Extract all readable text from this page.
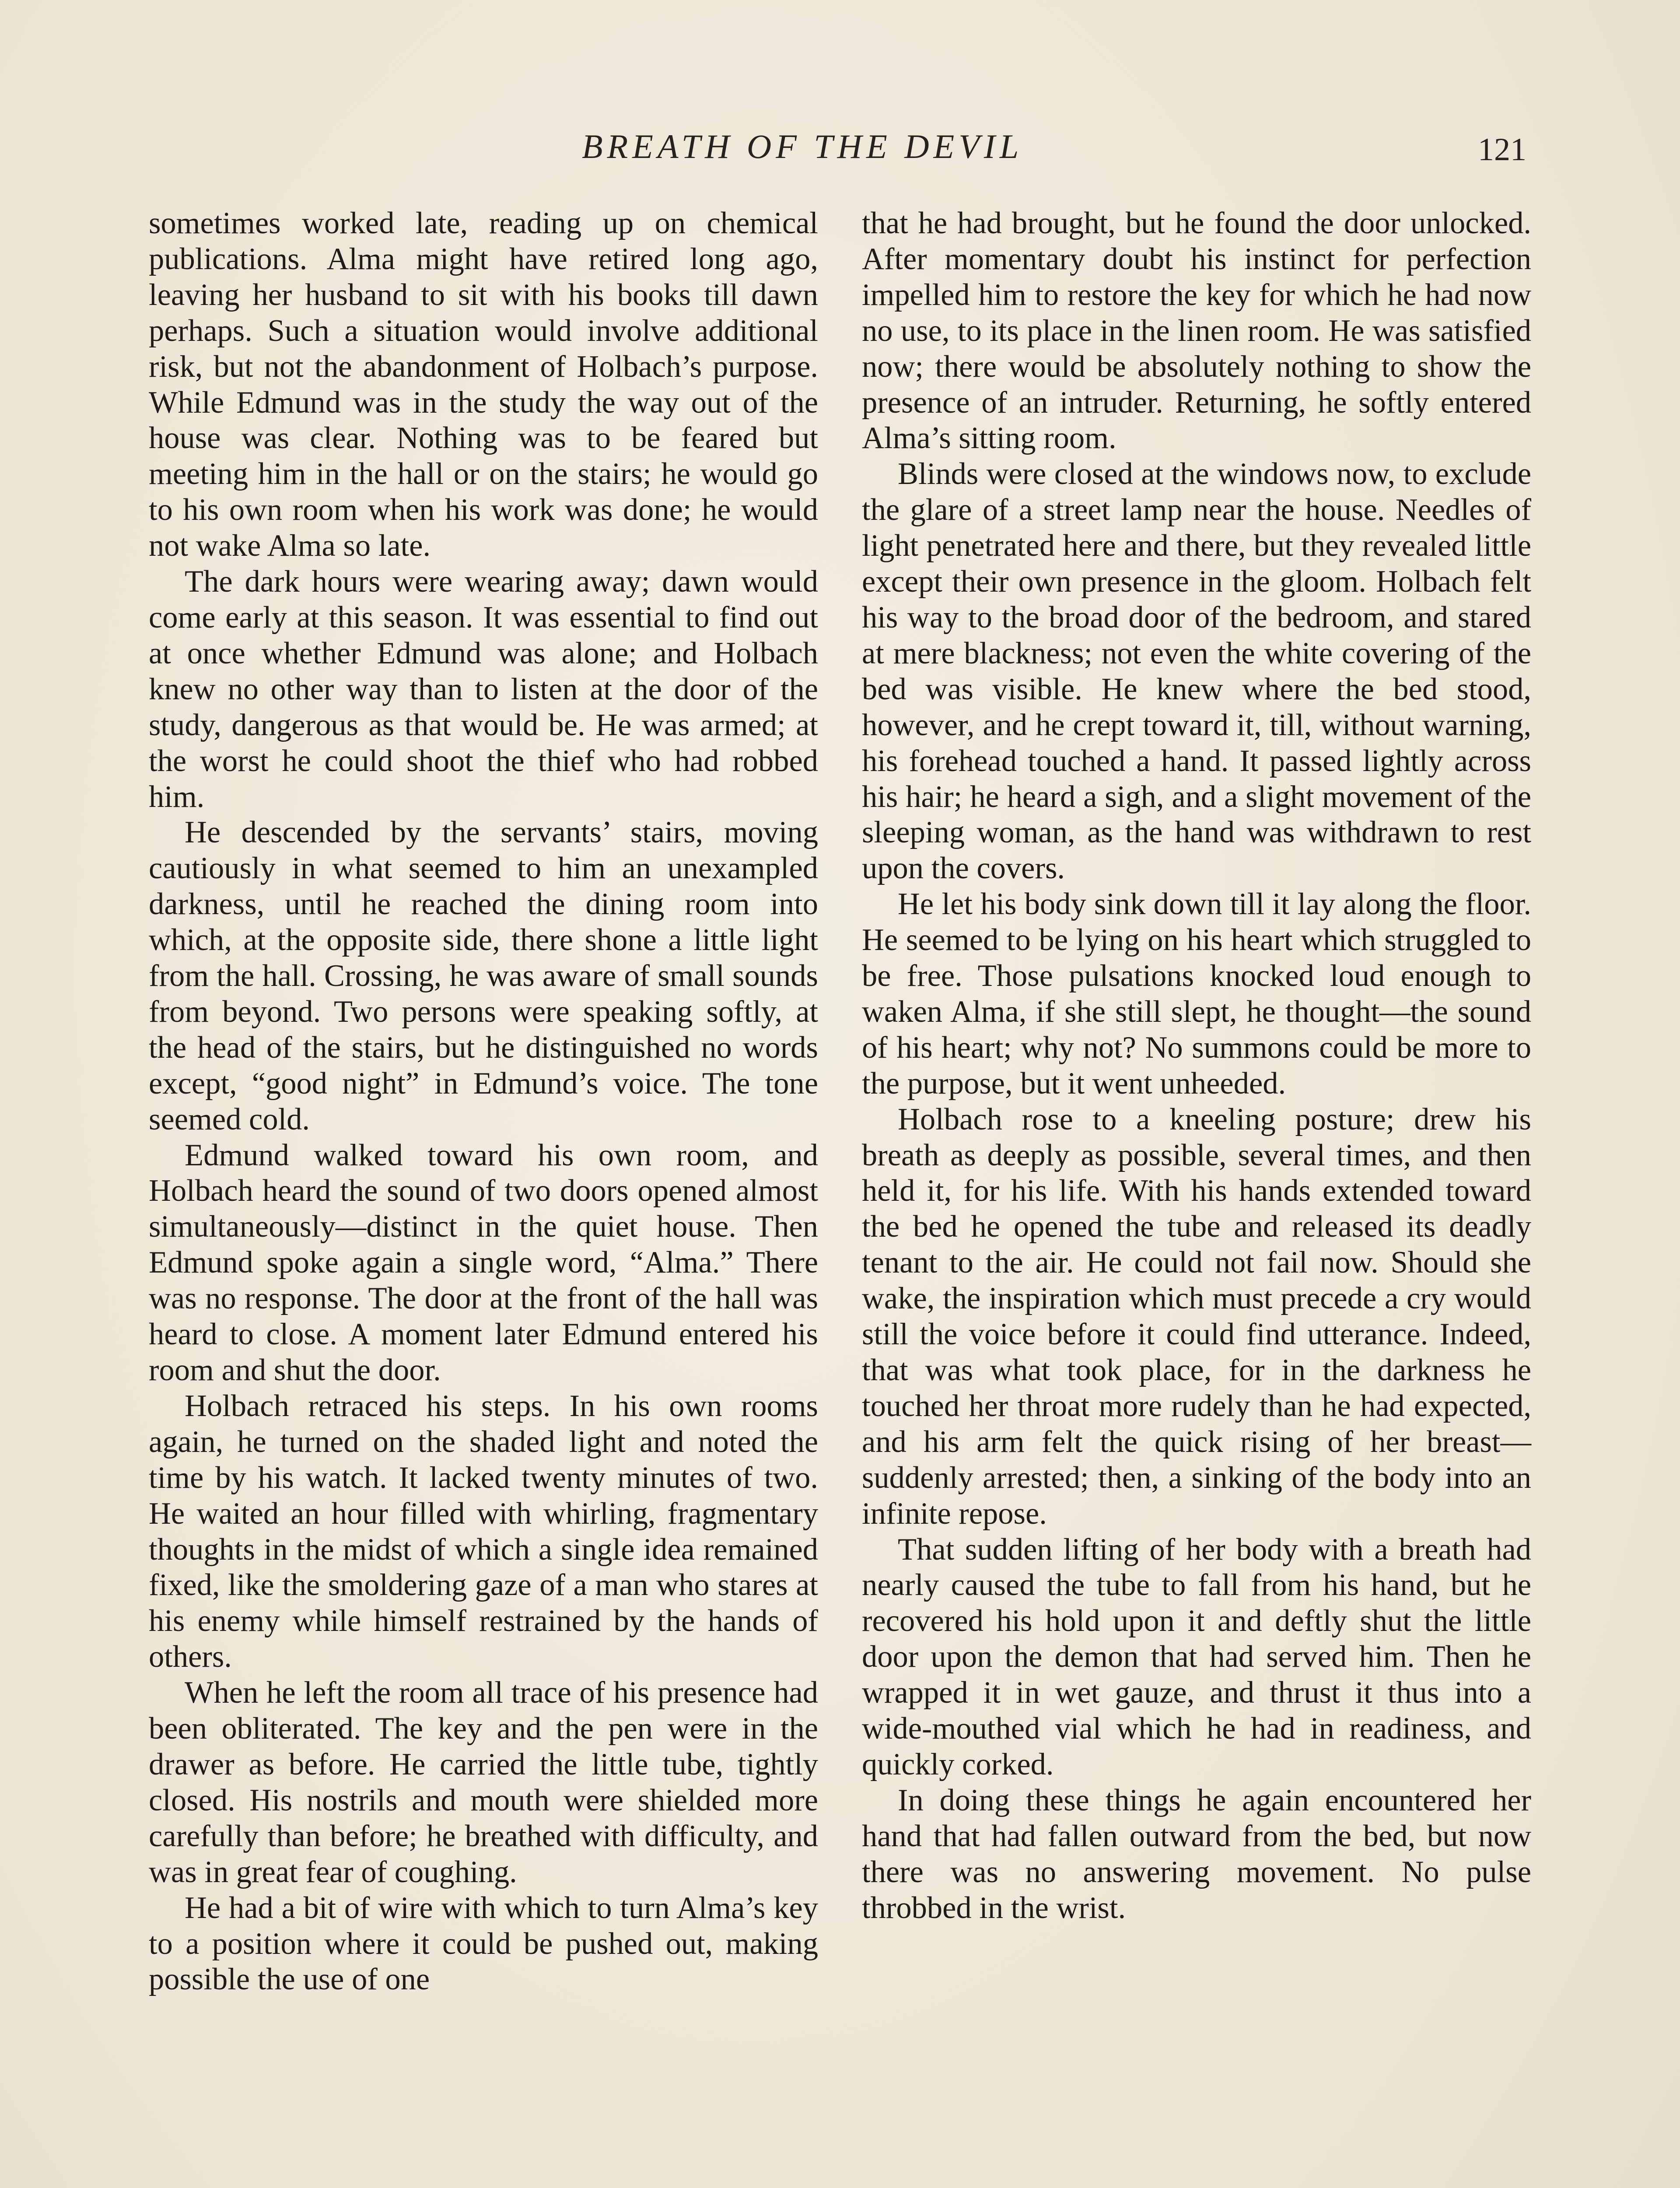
BREATH OF THE DEVIL	121

sometimes worked late, reading up on chemical publications. Alma might have retired long ago, leaving her husband to sit with his books till dawn perhaps. Such a situation would involve additional risk, but not the abandonment of Holbach’s purpose. While Edmund was in the study the way out of the house was clear. Nothing was to be feared but meeting him in the hall or on the stairs; he would go to his own room when his work was done; he would not wake Alma so late.

The dark hours were wearing away; dawn would come early at this season. It was essential to find out at once whether Edmund was alone; and Holbach knew no other way than to listen at the door of the study, dangerous as that would be. He was armed; at the worst he could shoot the thief who had robbed him.

He descended by the servants’ stairs, moving cautiously in what seemed to him an unexampled darkness, until he reached the dining room into which, at the opposite side, there shone a little light from the hall. Crossing, he was aware of small sounds from beyond. Two persons were speaking softly, at the head of the stairs, but he distinguished no words except, “good night” in Edmund’s voice. The tone seemed cold.

Edmund walked toward his own room, and Holbach heard the sound of two doors opened almost simultaneously—distinct in the quiet house. Then Edmund spoke again a single word, “Alma.” There was no response. The door at the front of the hall was heard to close. A moment later Edmund entered his room and shut the door.

Holbach retraced his steps. In his own rooms again, he turned on the shaded light and noted the time by his watch. It lacked twenty minutes of two. He waited an hour filled with whirling, fragmentary thoughts in the midst of which a single idea remained fixed, like the smoldering gaze of a man who stares at his enemy while himself restrained by the hands of others.

When he left the room all trace of his presence had been obliterated. The key and the pen were in the drawer as before. He carried the little tube, tightly closed. His nostrils and mouth were shielded more carefully than before; he breathed with difficulty, and was in great fear of coughing.

He had a bit of wire with which to turn Alma’s key to a position where it could be pushed out, making possible the use of one

that he had brought, but he found the door unlocked. After momentary doubt his instinct for perfection impelled him to restore the key for which he had now no use, to its place in the linen room. He was satisfied now; there would be absolutely nothing to show the presence of an intruder. Returning, he softly entered Alma’s sitting room.

Blinds were closed at the windows now, to exclude the glare of a street lamp near the house. Needles of light penetrated here and there, but they revealed little except their own presence in the gloom. Holbach felt his way to the broad door of the bedroom, and stared at mere blackness; not even the white covering of the bed was visible. He knew where the bed stood, however, and he crept toward it, till, without warning, his forehead touched a hand. It passed lightly across his hair; he heard a sigh, and a slight movement of the sleeping woman, as the hand was withdrawn to rest upon the covers.

He let his body sink down till it lay along the floor. He seemed to be lying on his heart which struggled to be free. Those pulsations knocked loud enough to waken Alma, if she still slept, he thought—the sound of his heart; why not? No summons could be more to the purpose, but it went unheeded.

Holbach rose to a kneeling posture; drew his breath as deeply as possible, several times, and then held it, for his life. With his hands extended toward the bed he opened the tube and released its deadly tenant to the air. He could not fail now. Should she wake, the inspiration which must precede a cry would still the voice before it could find utterance. Indeed, that was what took place, for in the darkness he touched her throat more rudely than he had expected, and his arm felt the quick rising of her breast—suddenly arrested; then, a sinking of the body into an infinite repose.

That sudden lifting of her body with a breath had nearly caused the tube to fall from his hand, but he recovered his hold upon it and deftly shut the little door upon the demon that had served him. Then he wrapped it in wet gauze, and thrust it thus into a wide-mouthed vial which he had in readiness, and quickly corked.

In doing these things he again encountered her hand that had fallen outward from the bed, but now there was no answering movement. No pulse throbbed in the wrist.
